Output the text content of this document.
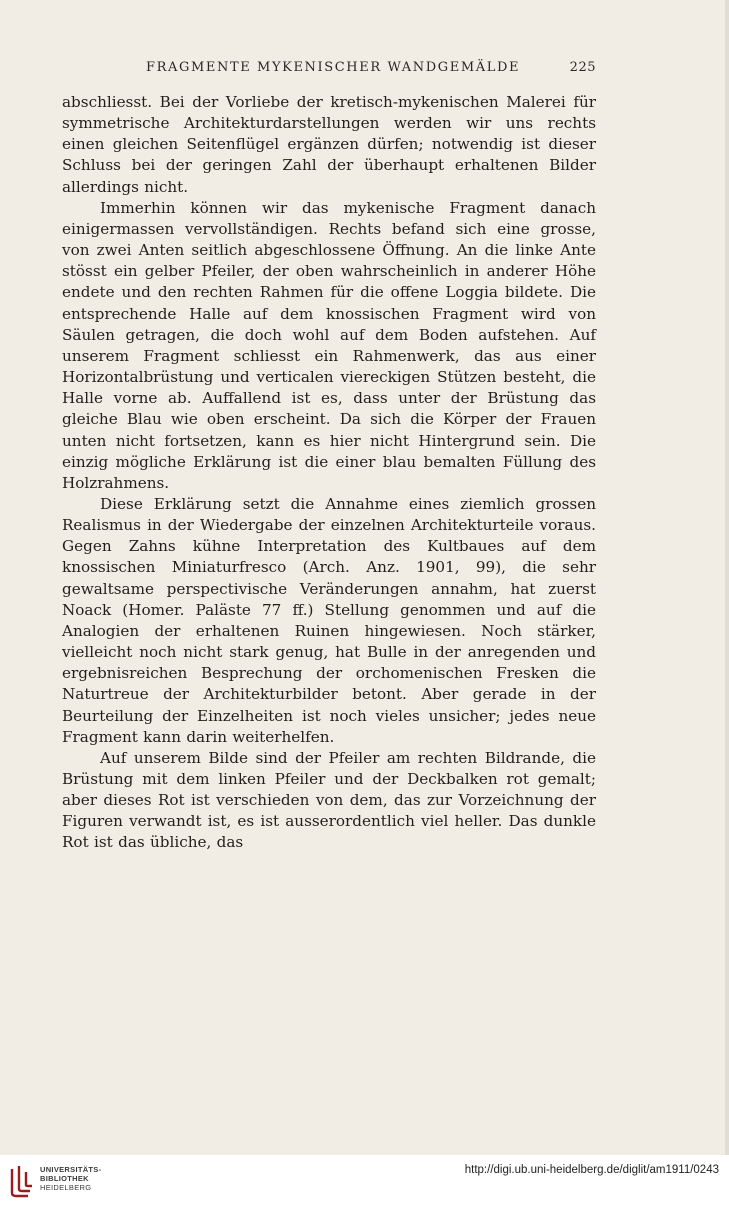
FRAGMENTE MYKENISCHER WANDGEMÄLDE	225

abschliesst. Bei der Vorliebe der kretisch-mykenischen Malerei für symmetrische Architekturdarstellungen werden wir uns rechts einen gleichen Seitenflügel ergänzen dürfen; notwendig ist dieser Schluss bei der geringen Zahl der überhaupt erhaltenen Bilder allerdings nicht.

Immerhin können wir das mykenische Fragment danach einigermassen vervollständigen. Rechts befand sich eine grosse, von zwei Anten seitlich abgeschlossene Öffnung. An die linke Ante stösst ein gelber Pfeiler, der oben wahrscheinlich in anderer Höhe endete und den rechten Rahmen für die offene Loggia bildete. Die entsprechende Halle auf dem knossischen Fragment wird von Säulen getragen, die doch wohl auf dem Boden aufstehen. Auf unserem Fragment schliesst ein Rahmenwerk, das aus einer Horizontalbrüstung und verticalen viereckigen Stützen besteht, die Halle vorne ab. Auffallend ist es, dass unter der Brüstung das gleiche Blau wie oben erscheint. Da sich die Körper der Frauen unten nicht fortsetzen, kann es hier nicht Hintergrund sein. Die einzig mögliche Erklärung ist die einer blau bemalten Füllung des Holzrahmens.

Diese Erklärung setzt die Annahme eines ziemlich grossen Realismus in der Wiedergabe der einzelnen Architekturteile voraus. Gegen Zahns kühne Interpretation des Kultbaues auf dem knossischen Miniaturfresco (Arch. Anz. 1901, 99), die sehr gewaltsame perspectivische Veränderungen annahm, hat zuerst Noack (Homer. Paläste 77 ff.) Stellung genommen und auf die Analogien der erhaltenen Ruinen hingewiesen. Noch stärker, vielleicht noch nicht stark genug, hat Bulle in der anregenden und ergebnisreichen Besprechung der orchomenischen Fresken die Naturtreue der Architekturbilder betont. Aber gerade in der Beurteilung der Einzelheiten ist noch vieles unsicher; jedes neue Fragment kann darin weiterhelfen.

Auf unserem Bilde sind der Pfeiler am rechten Bildrande, die Brüstung mit dem linken Pfeiler und der Deckbalken rot gemalt; aber dieses Rot ist verschieden von dem, das zur Vorzeichnung der Figuren verwandt ist, es ist ausserordentlich viel heller. Das dunkle Rot ist das übliche, das

UNIVERSITÄTS-
BIBLIOTHEK
HEIDELBERG
http://digi.ub.uni-heidelberg.de/diglit/am1911/0243
